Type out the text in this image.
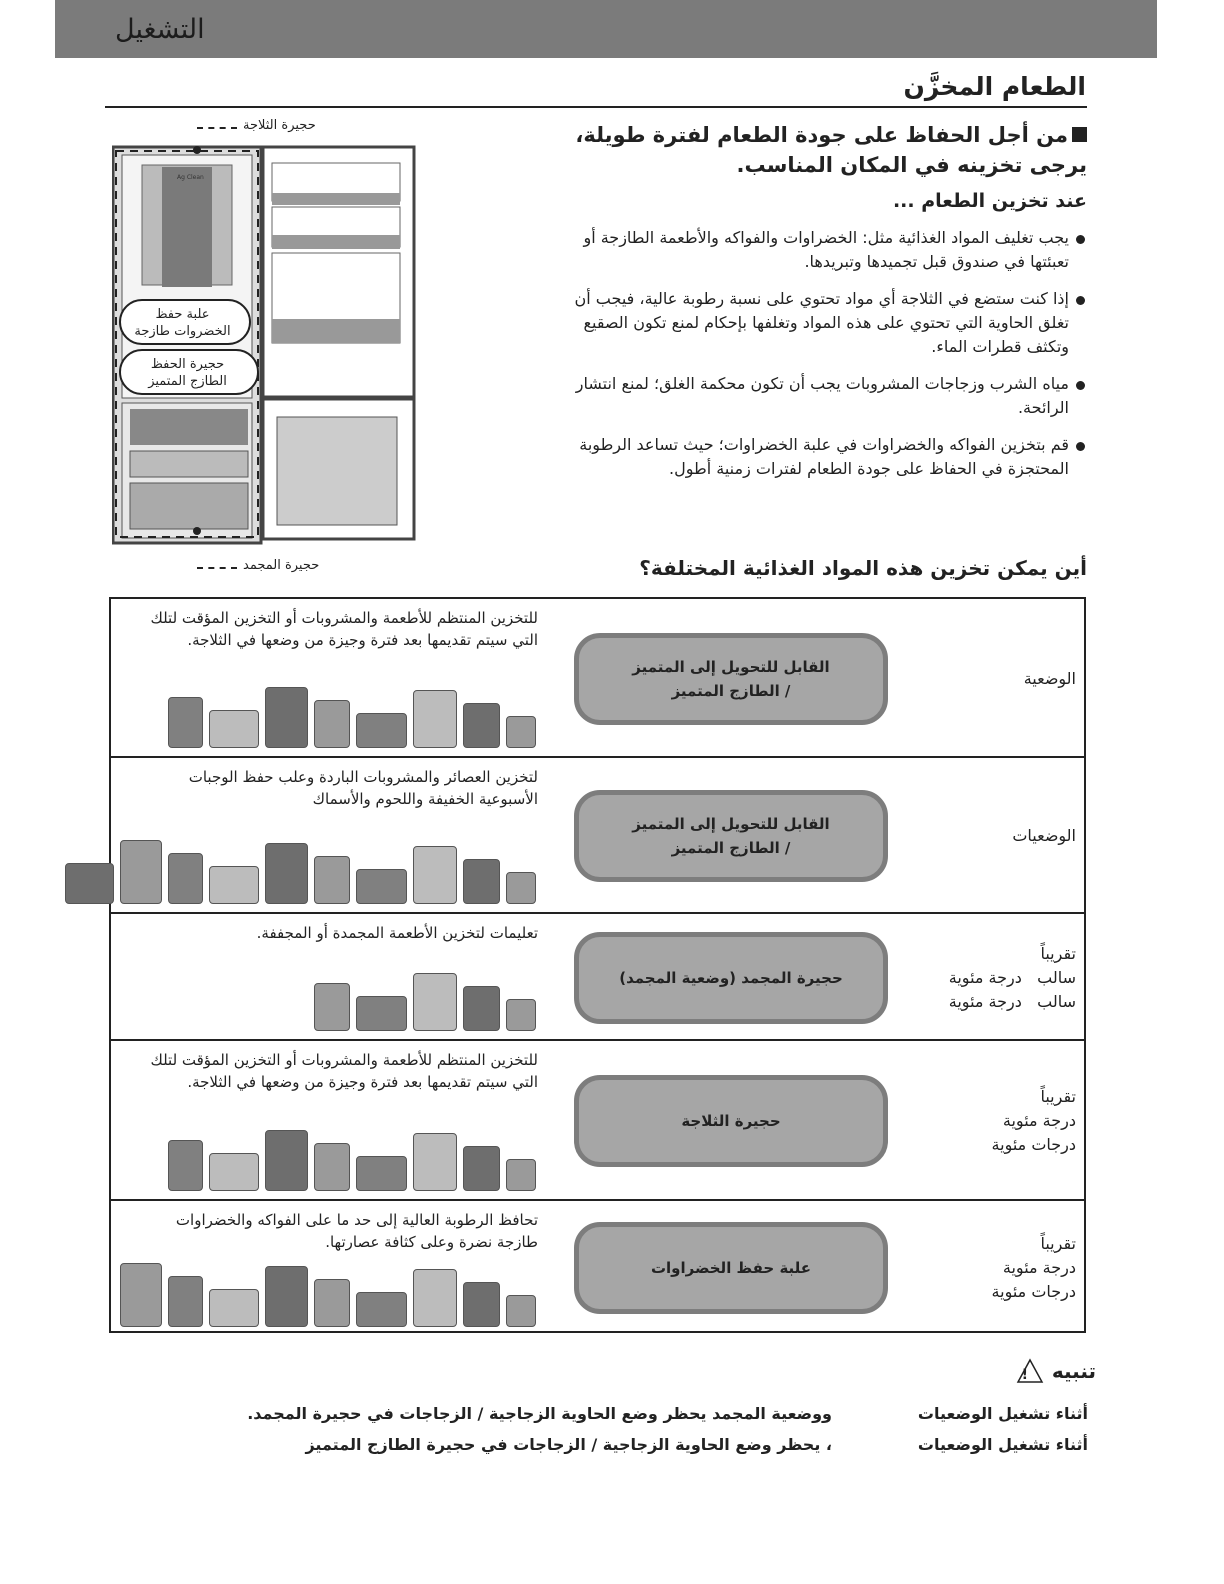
التشغيل
الطعام المخزَّن
من أجل الحفاظ على جودة الطعام لفترة طويلة،
يرجى تخزينه في المكان المناسب.
عند تخزين الطعام ...
يجب تغليف المواد الغذائية مثل: الخضراوات والفواكه والأطعمة الطازجة أو تعبئتها في صندوق قبل تجميدها وتبريدها.
إذا كنت ستضع في الثلاجة أي مواد تحتوي على نسبة رطوبة عالية، فيجب أن تغلق الحاوية التي تحتوي على هذه المواد وتغلفها بإحكام لمنع تكون الصقيع وتكثف قطرات الماء.
مياه الشرب وزجاجات المشروبات يجب أن تكون محكمة الغلق؛ لمنع انتشار الرائحة.
قم بتخزين الفواكه والخضراوات في علبة الخضراوات؛ حيث تساعد الرطوبة المحتجزة في الحفاظ على جودة الطعام لفترات زمنية أطول.
حجيرة الثلاجة
حجيرة المجمد
Ag Clean
علبة حفظ
الخضروات طازجة
حجيرة الحفظ
الطازج المتميز
أين يمكن تخزين هذه المواد الغذائية المختلفة؟
للتخزين المنتظم للأطعمة والمشروبات أو التخزين المؤقت لتلك التي سيتم تقديمها بعد فترة وجيزة من وضعها في الثلاجة.
القابل للتحويل إلى المتميز
/ الطازج المتميز
الوضعية
لتخزين العصائر والمشروبات الباردة وعلب حفظ الوجبات الأسبوعية الخفيفة واللحوم والأسماك
القابل للتحويل إلى المتميز
/ الطازج المتميز
الوضعيات
تعليمات لتخزين الأطعمة المجمدة أو المجففة.
حجيرة المجمد (وضعية المجمد)
تقريباً
سالب   درجة مئوية
سالب   درجة مئوية
للتخزين المنتظم للأطعمة والمشروبات أو التخزين المؤقت لتلك التي سيتم تقديمها بعد فترة وجيزة من وضعها في الثلاجة.
حجيرة الثلاجة
تقريباً
درجة مئوية
درجات مئوية
تحافظ الرطوبة العالية إلى حد ما على الفواكه والخضراوات طازجة نضرة وعلى كثافة عصارتها.
علبة حفظ الخضراوات
تقريباً
درجة مئوية
درجات مئوية
تنبيه
!
أثناء تشغيل الوضعيات
ووضعية المجمد يحظر وضع الحاوية الزجاجية / الزجاجات في حجيرة المجمد.
أثناء تشغيل الوضعيات
، يحظر وضع الحاوية الزجاجية / الزجاجات في حجيرة الطازج المتميز
